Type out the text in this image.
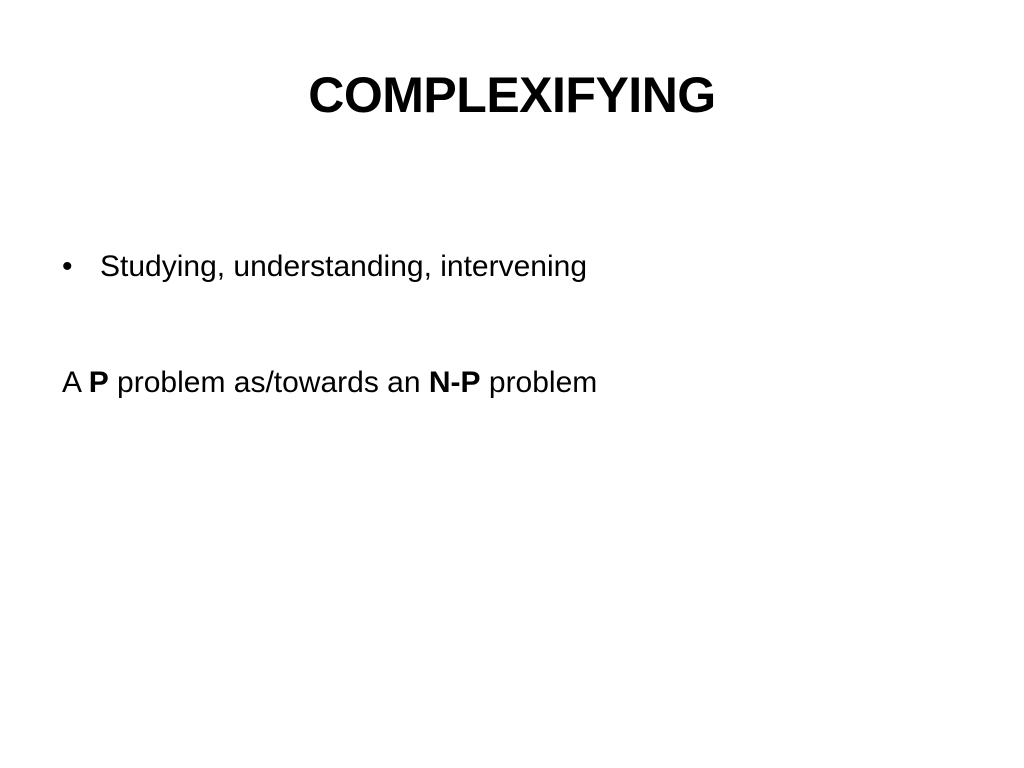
COMPLEXIFYING
• Studying, understanding, intervening
A P problem as/towards an N-P problem
